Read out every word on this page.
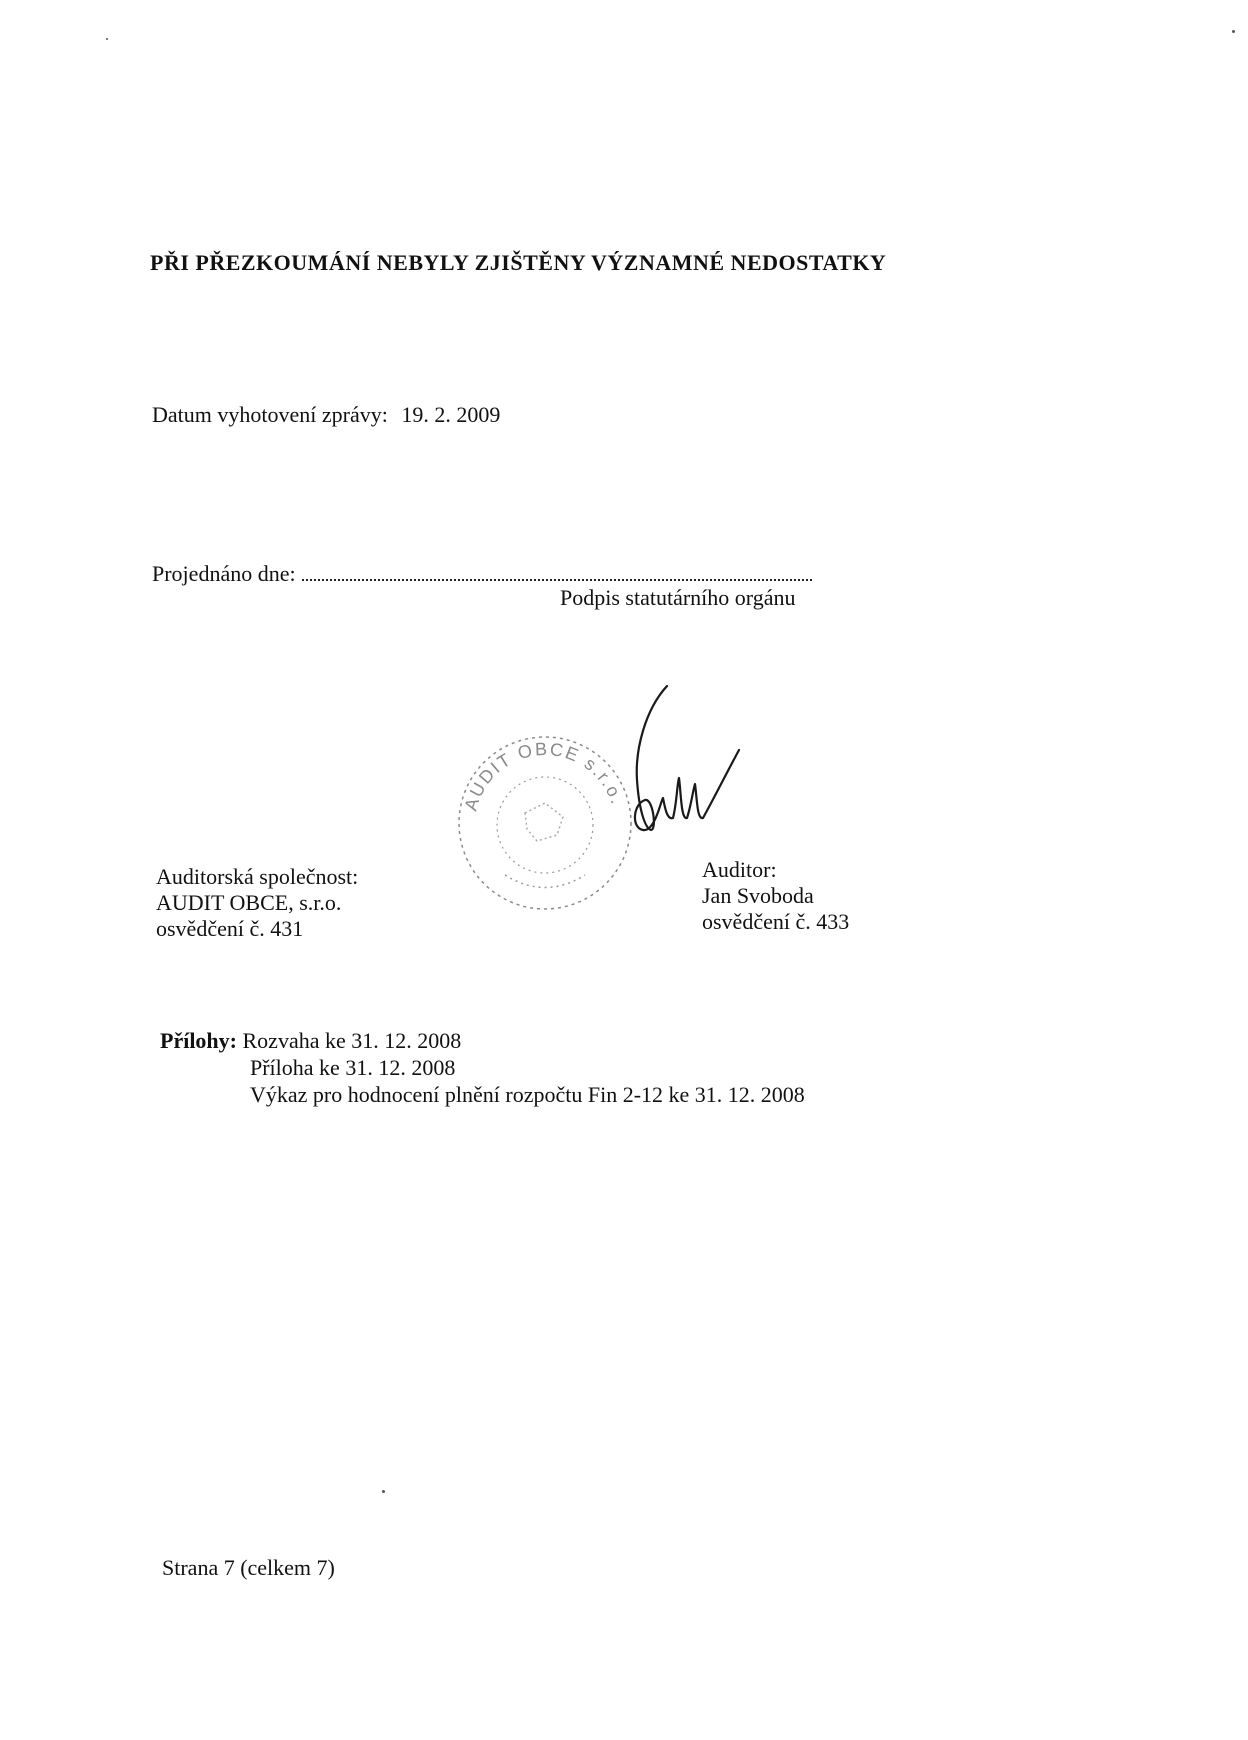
PŘI PŘEZKOUMÁNÍ NEBYLY ZJIŠTĚNY VÝZNAMNÉ NEDOSTATKY
Datum vyhotovení zprávy: 19. 2. 2009
Projednáno dne:
Podpis statutárního orgánu
AUDIT OBCE s.r.o.
Auditorská společnost:
AUDIT OBCE, s.r.o.
osvědčení č. 431
Auditor:
Jan Svoboda
osvědčení č. 433
Přílohy: Rozvaha ke 31. 12. 2008
Příloha ke 31. 12. 2008
Výkaz pro hodnocení plnění rozpočtu Fin 2-12 ke 31. 12. 2008
Strana 7 (celkem 7)
